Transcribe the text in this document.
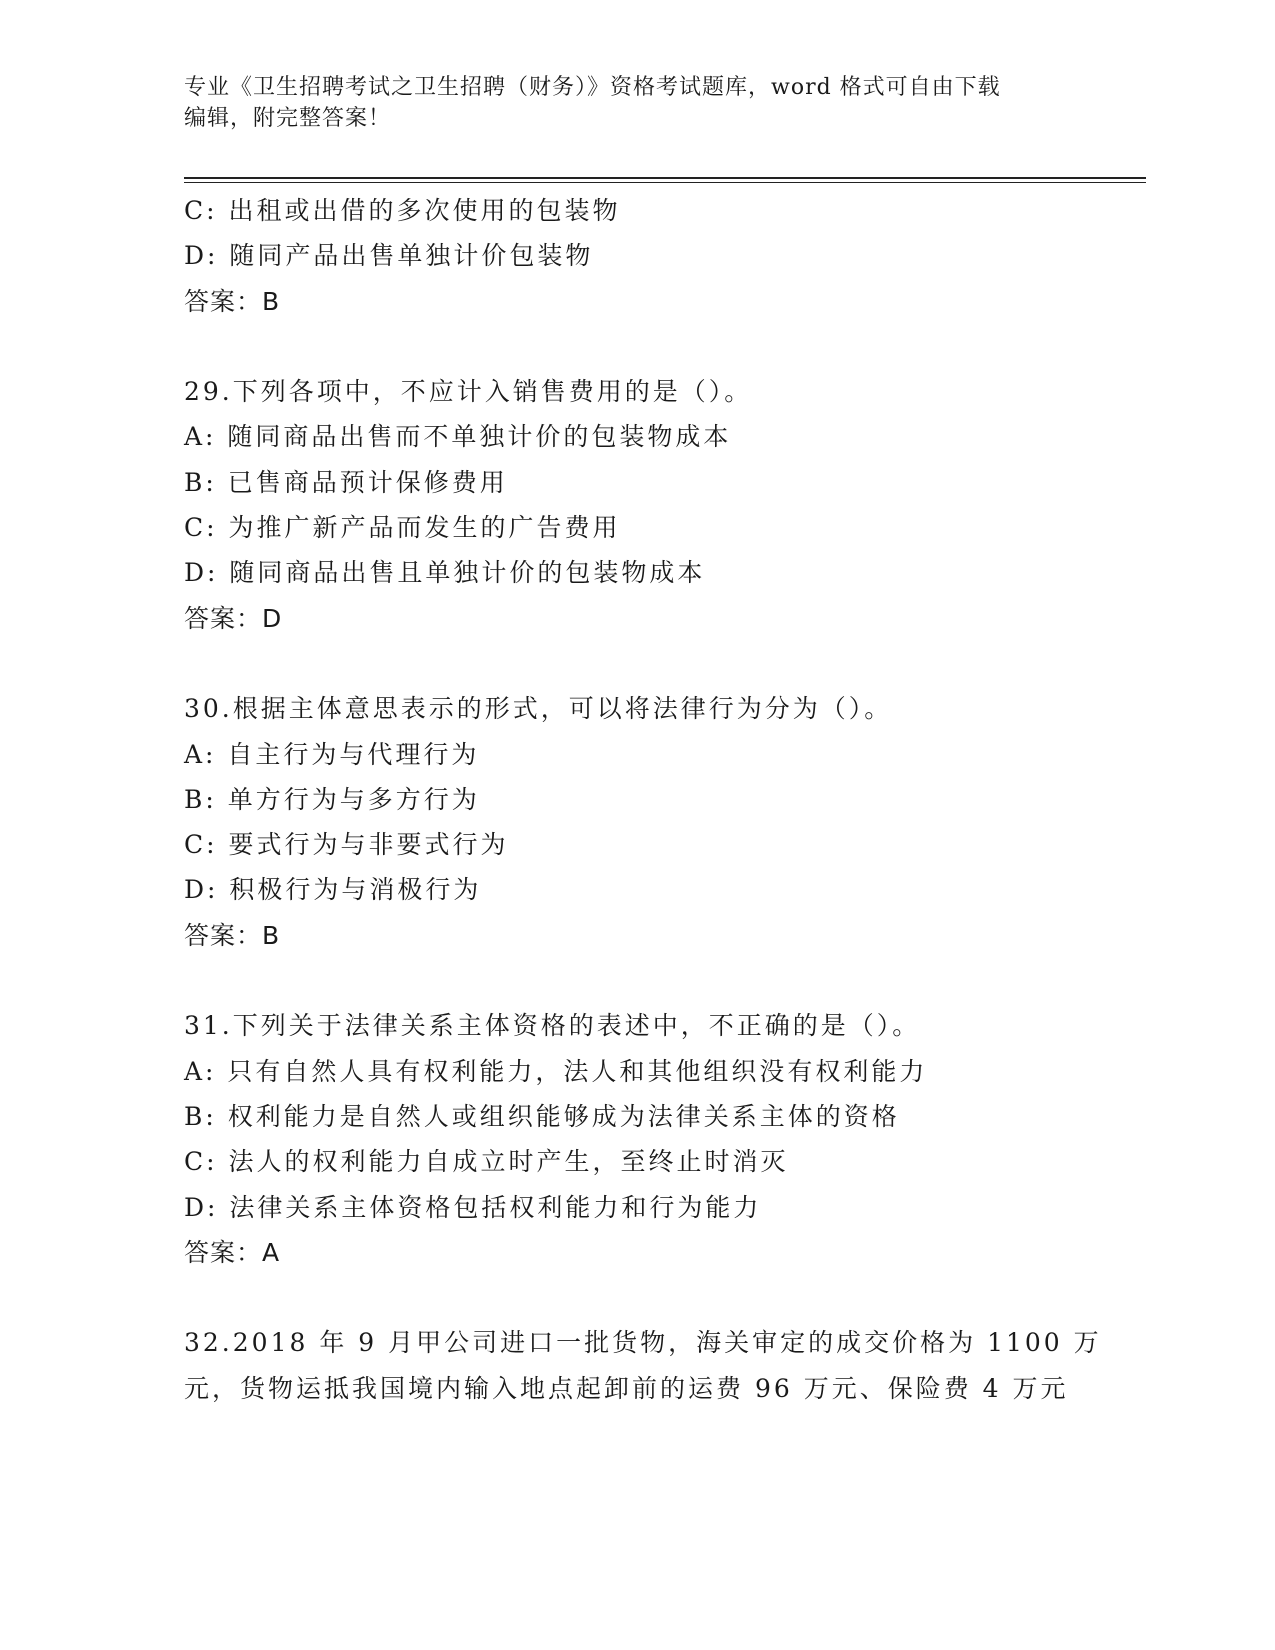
专业《卫生招聘考试之卫生招聘（财务）》资格考试题库，word 格式可自由下载
编辑，附完整答案！
C: 出租或出借的多次使用的包装物
D: 随同产品出售单独计价包装物
答案：B
29.下列各项中，不应计入销售费用的是（）。
A: 随同商品出售而不单独计价的包装物成本
B: 已售商品预计保修费用
C: 为推广新产品而发生的广告费用
D: 随同商品出售且单独计价的包装物成本
答案：D
30.根据主体意思表示的形式，可以将法律行为分为（）。
A: 自主行为与代理行为
B: 单方行为与多方行为
C: 要式行为与非要式行为
D: 积极行为与消极行为
答案：B
31.下列关于法律关系主体资格的表述中，不正确的是（）。
A: 只有自然人具有权利能力，法人和其他组织没有权利能力
B: 权利能力是自然人或组织能够成为法律关系主体的资格
C: 法人的权利能力自成立时产生，至终止时消灭
D: 法律关系主体资格包括权利能力和行为能力
答案：A
32.2018 年 9 月甲公司进口一批货物，海关审定的成交价格为 1100 万
元，货物运抵我国境内输入地点起卸前的运费 96 万元、保险费 4 万元
